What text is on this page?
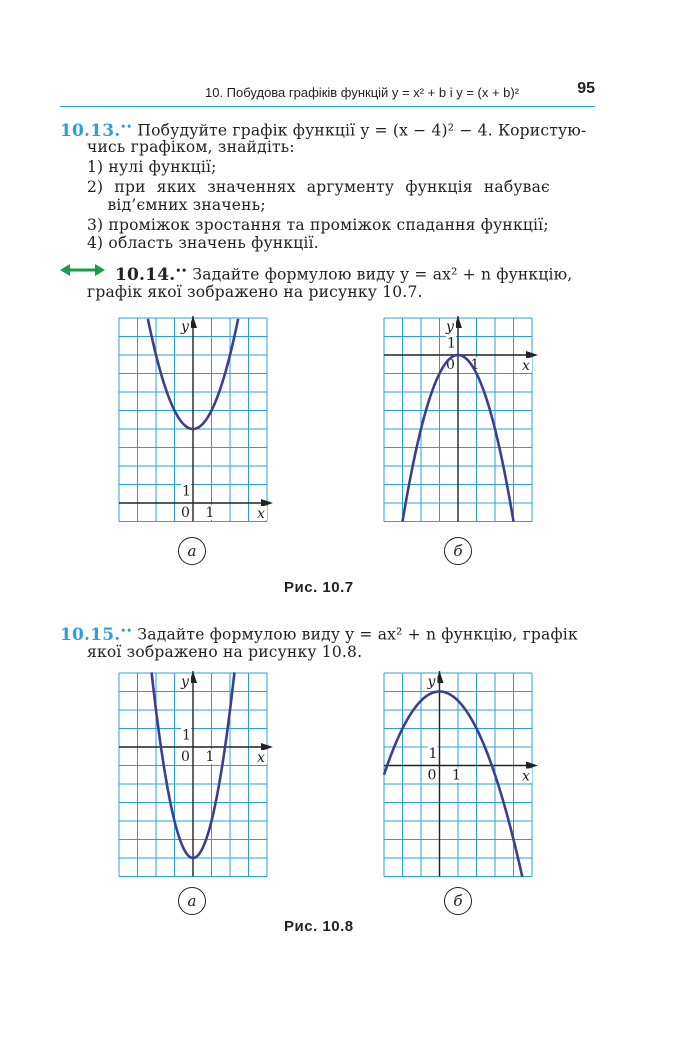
10. Побудова графіків функцій y = x² + b і y = (x + b)²	95
10.13.•• Побудуйте графік функції y = (x − 4)² − 4. Користую-
чись графіком, знайдіть:
1) нулі функції;
2) при яких значеннях аргументу функція набуває
від’ємних значень;
3) проміжок зростання та проміжок спадання функції;
4) область значень функції.
10.14.•• Задайте формулою виду y = ax² + n функцію,
графік якої зображено на рисунку 10.7.
x
y
0 1
1
x
y
0 1
1
а	б
Рис. 10.7
10.15.•• Задайте формулою виду y = ax² + n функцію, графік
якої зображено на рисунку 10.8.
x
y
0 1
1
x
y
0 1
1
а	б
Рис. 10.8
